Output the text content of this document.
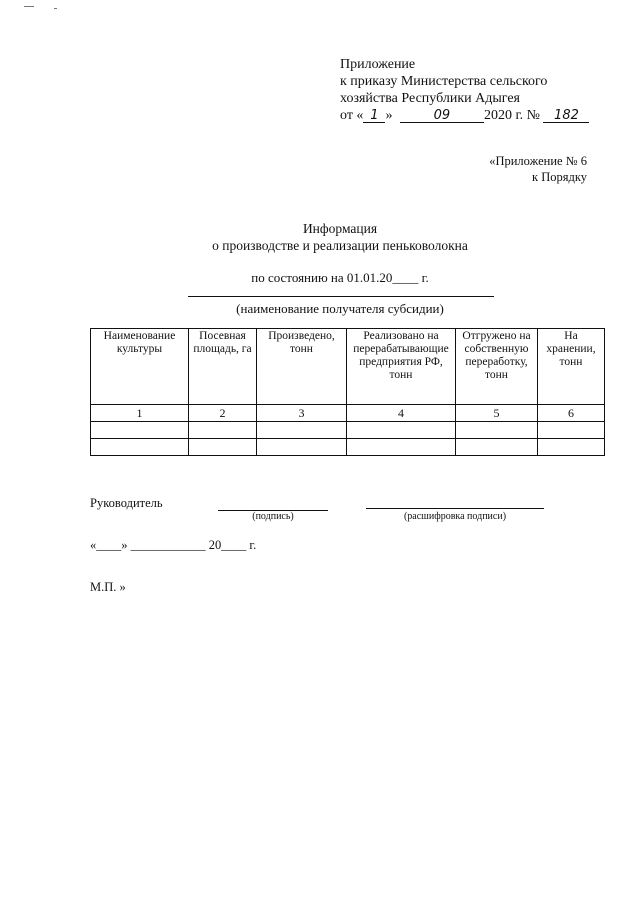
Приложение
к приказу Министерства сельского
хозяйства Республики Адыгея
от « 1 »	09 2020 г. № 182
«Приложение № 6
к Порядку
Информация
о производстве и реализации пеньковолокна
по состоянию на 01.01.20____ г.
(наименование получателя субсидии)
Наименование культуры	Посевная площадь, га	Произведено, тонн	Реализовано на перерабатывающие предприятия РФ, тонн	Отгружено на собственную переработку, тонн	На хранении, тонн
1	2	3	4	5	6

Руководитель
(подпись)	(расшифровка подписи)
«____» ____________ 20____ г.
М.П. »
